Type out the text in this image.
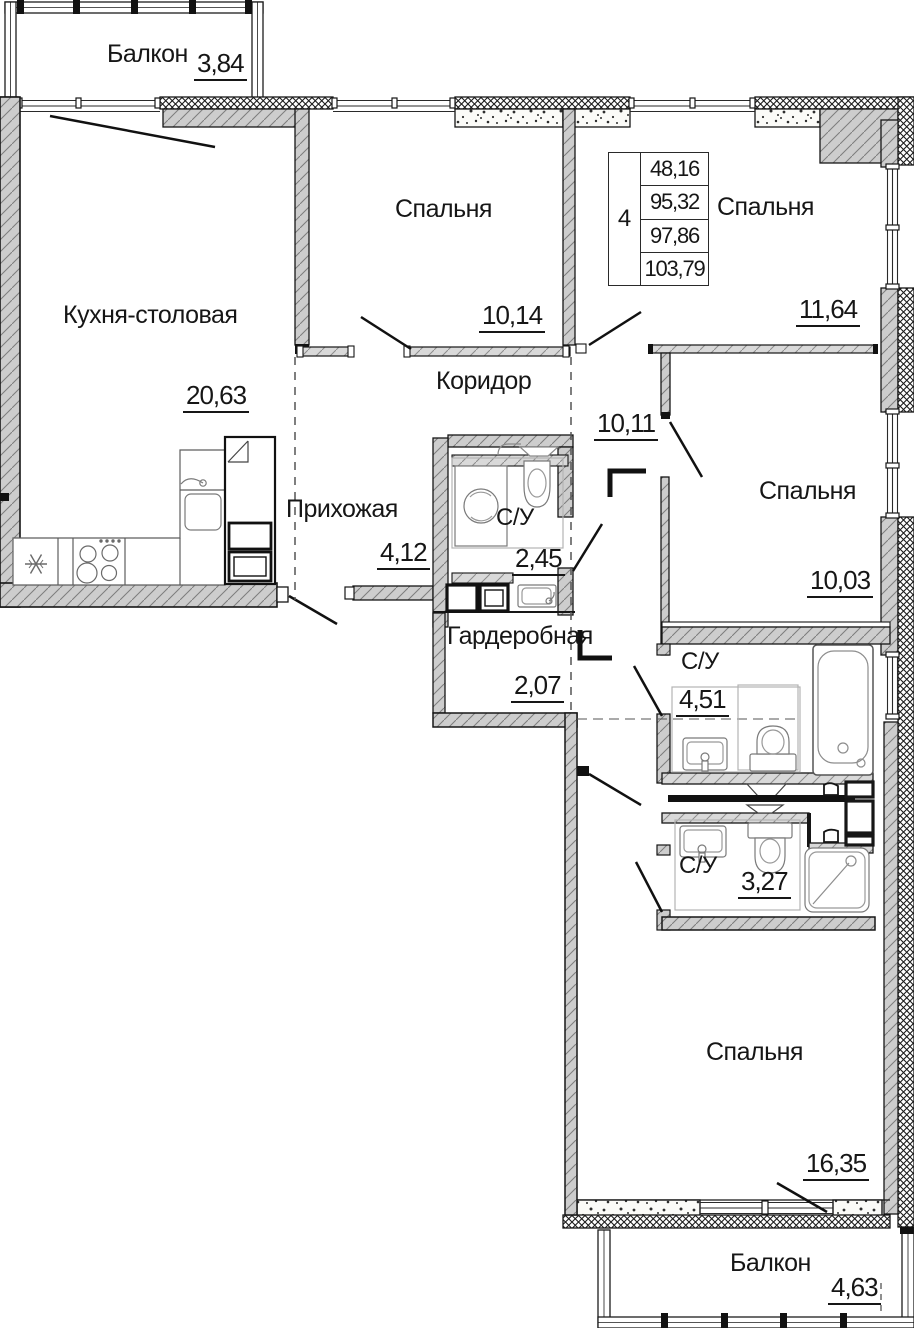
Балкон 3,84
Кухня-столовая
20,63
Спальня
10,14
Спальня
11,64
Коридор
10,11
Прихожая
4,12
С/У
2,45
Спальня
10,03
Гардеробная
2,07
С/У
4,51
С/У
3,27
Спальня
16,35
Балкон
4,63
4
48,16
95,32
97,86
103,79
